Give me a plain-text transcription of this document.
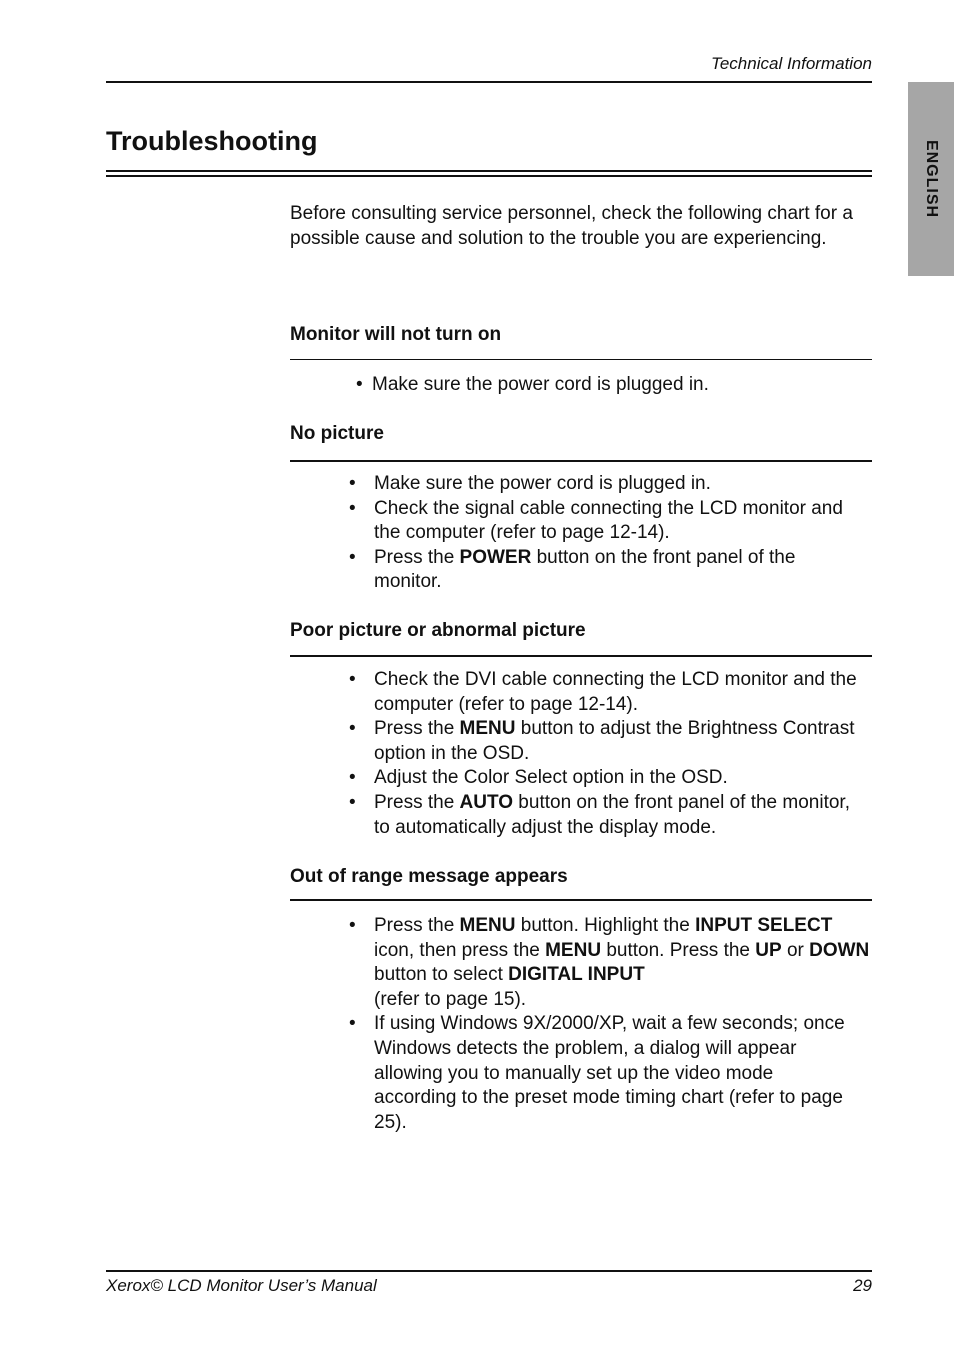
Technical Information
ENGLISH
Troubleshooting

Before consulting service personnel, check the following chart for a possible cause and solution to the trouble you are experiencing.

Monitor will not turn on
• Make sure the power cord is plugged in.
No picture
• Make sure the power cord is plugged in.
• Check the signal cable connecting the LCD monitor and the computer (refer to page 12-14).
• Press the POWER button on the front panel of the monitor.
Poor picture or abnormal picture
• Check the DVI cable connecting the LCD monitor and the computer (refer to page 12-14).
• Press the MENU button to adjust the Brightness Contrast option in the OSD.
• Adjust the Color Select option in the OSD.
• Press the AUTO button on the front panel of the monitor, to automatically adjust the display mode.
Out of range message appears
• Press the MENU button. Highlight the INPUT SELECT icon, then press the MENU button. Press the UP or DOWN button to select DIGITAL INPUT
(refer to page 15).
• If using Windows 9X/2000/XP, wait a few seconds; once Windows detects the problem, a dialog will appear allowing you to manually set up the video mode according to the preset mode timing chart (refer to page 25).
Xerox© LCD Monitor User’s Manual	29
